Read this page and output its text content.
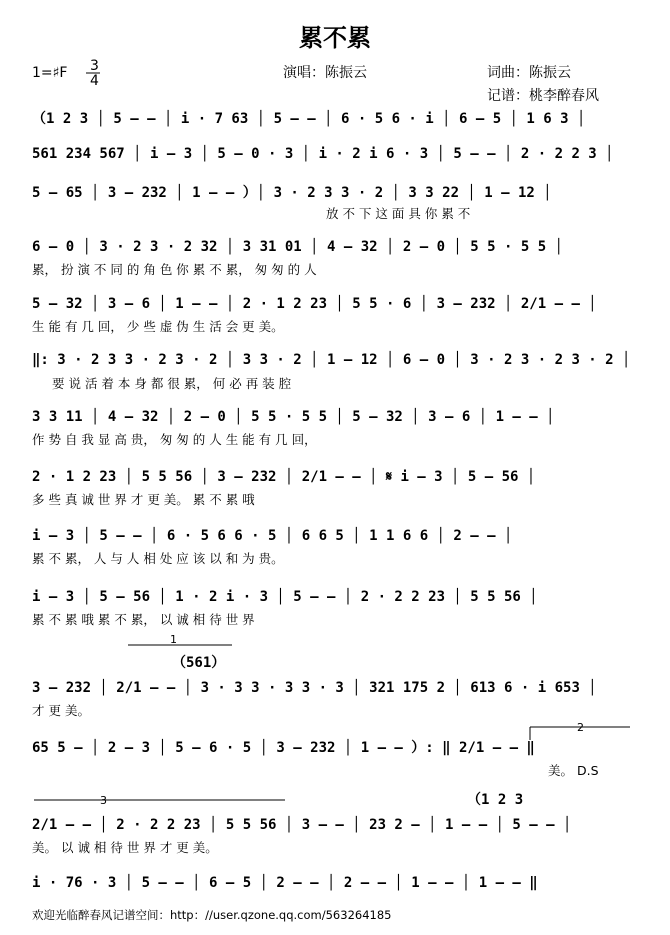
累不累
1=♯F 3
4	演唱：陈振云	词曲：陈振云
记谱：桃李醉春风
（1 2 3 │ 5 – – │ i · 7 63 │ 5 – – │ 6 · 5 6 · i │ 6 – 5 │ 1 6 3 │
561 234 567 │ i – 3 │ 5 – 0 · 3 │ i · 2 i 6 · 3 │ 5 – – │ 2 · 2 2 3 │
5 – 65 │ 3 – 232 │ 1 – – ）│ 3 · 2 3 3 · 2 │ 3 3 22 │ 1 – 12 │
放 不 下 这 面 具 你 累 不
6 – 0 │ 3 · 2 3 · 2 32 │ 3 31 01 │ 4 – 32 │ 2 – 0 │ 5 5 · 5 5 │
累， 扮 演 不 同 的 角 色 你 累 不 累， 匆 匆 的 人
5 – 32 │ 3 – 6 │ 1 – – │ 2 · 1 2 23 │ 5 5 · 6 │ 3 – 232 │ 2/1 – – │
生 能 有 几 回， 少 些 虚 伪 生 活 会 更 美。
‖: 3 · 2 3 3 · 2 3 · 2 │ 3 3 · 2 │ 1 – 12 │ 6 – 0 │ 3 · 2 3 · 2 3 · 2 │
要 说 活 着 本 身 都 很 累， 何 必 再 装 腔
3 3 11 │ 4 – 32 │ 2 – 0 │ 5 5 · 5 5 │ 5 – 32 │ 3 – 6 │ 1 – – │
作 势 自 我 显 高 贵， 匆 匆 的 人 生 能 有 几 回，
2 · 1 2 23 │ 5 5 56 │ 3 – 232 │ 2/1 – – │ 𝄋 i – 3 │ 5 – 56 │
多 些 真 诚 世 界 才 更 美。 累 不 累 哦
i – 3 │ 5 – – │ 6 · 5 6 6 · 5 │ 6 6 5 │ 1 1 6 6 │ 2 – – │
累 不 累， 人 与 人 相 处 应 该 以 和 为 贵。
i – 3 │ 5 – 56 │ 1 · 2 i · 3 │ 5 – – │ 2 · 2 2 23 │ 5 5 56 │
累 不 累 哦 累 不 累， 以 诚 相 待 世 界
3 – 232 │ 2/1 – – │ 3 · 3 3 · 3 3 · 3 │ 321 175 2 │ 613 6 · i 653 │
才 更 美。
65 5 – │ 2 – 3 │ 5 – 6 · 5 │ 3 – 232 │ 1 – – ）: ‖ 2/1 – – ‖
美。 D.S
2/1 – – │ 2 · 2 2 23 │ 5 5 56 │ 3 – – │ 23 2 – │ 1 – – │ 5 – – │
美。 以 诚 相 待 世 界 才 更 美。
i · 76 · 3 │ 5 – – │ 6 – 5 │ 2 – – │ 2 – – │ 1 – – │ 1 – – ‖
1
2
3
（561）
（1 2 3
欢迎光临醉春风记谱空间：http：//user.qzone.qq.com/563264185
